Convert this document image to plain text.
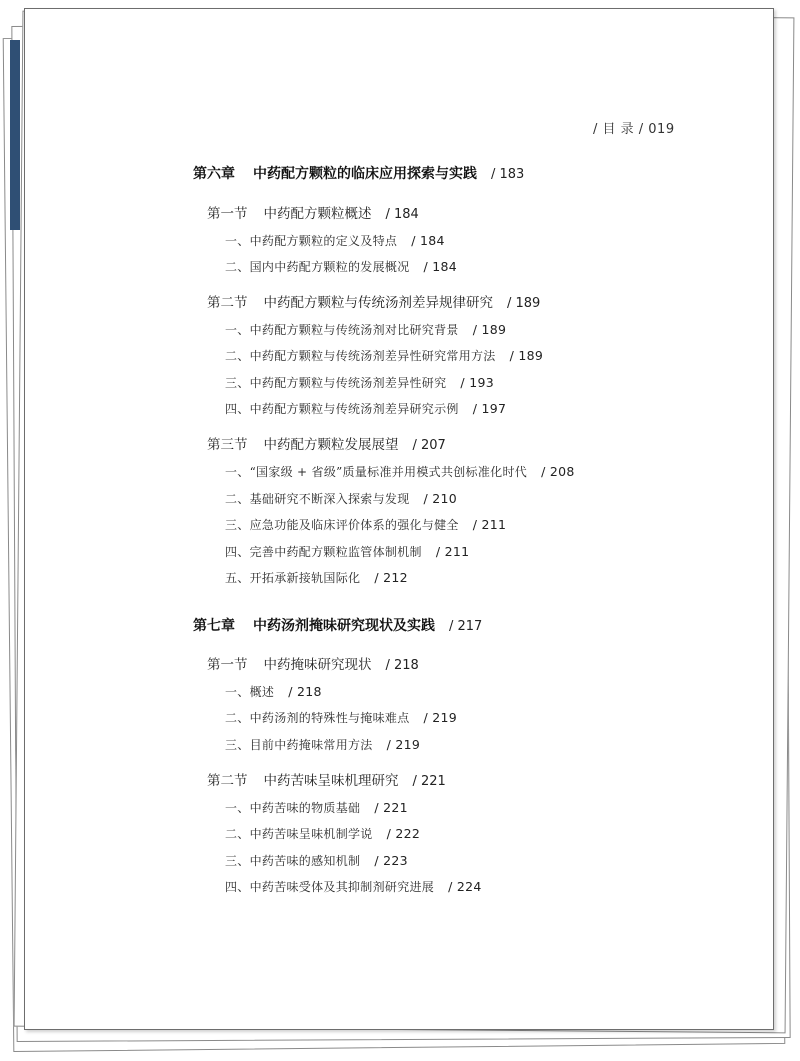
/ 目 录 / 019
第六章 中药配方颗粒的临床应用探索与实践 / 183
第一节 中药配方颗粒概述 / 184
一、中药配方颗粒的定义及特点 / 184
二、国内中药配方颗粒的发展概况 / 184
第二节 中药配方颗粒与传统汤剂差异规律研究 / 189
一、中药配方颗粒与传统汤剂对比研究背景 / 189
二、中药配方颗粒与传统汤剂差异性研究常用方法 / 189
三、中药配方颗粒与传统汤剂差异性研究 / 193
四、中药配方颗粒与传统汤剂差异研究示例 / 197
第三节 中药配方颗粒发展展望 / 207
一、“国家级 + 省级”质量标准并用模式共创标准化时代 / 208
二、基础研究不断深入探索与发现 / 210
三、应急功能及临床评价体系的强化与健全 / 211
四、完善中药配方颗粒监管体制机制 / 211
五、开拓承新接轨国际化 / 212
第七章 中药汤剂掩味研究现状及实践 / 217
第一节 中药掩味研究现状 / 218
一、概述 / 218
二、中药汤剂的特殊性与掩味难点 / 219
三、目前中药掩味常用方法 / 219
第二节 中药苦味呈味机理研究 / 221
一、中药苦味的物质基础 / 221
二、中药苦味呈味机制学说 / 222
三、中药苦味的感知机制 / 223
四、中药苦味受体及其抑制剂研究进展 / 224
